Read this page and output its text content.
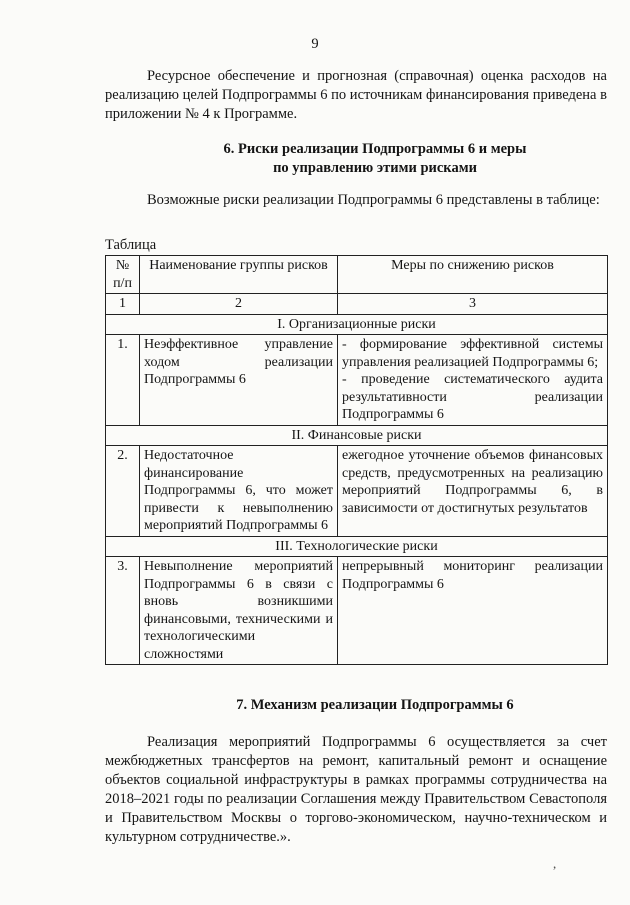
9

Ресурсное обеспечение и прогнозная (справочная) оценка расходов на реализацию целей Подпрограммы 6 по источникам финансирования приведена в приложении № 4 к Программе.

6. Риски реализации Подпрограммы 6 и меры
по управлению этими рисками

Возможные риски реализации Подпрограммы 6 представлены в таблице:

Таблица
№ п/п	Наименование группы рисков	Меры по снижению рисков
1	2	3
I. Организационные риски		
1.	Неэффективное управление ходом реализации Подпрограммы 6	- формирование эффективной системы управления реализацией Подпрограммы 6;
- проведение систематического аудита результативности реализации Подпрограммы 6

II. Финансовые риски		
2.	Недостаточное финансирование Подпрограммы 6, что может привести к невыполнению мероприятий Подпрограммы 6	ежегодное уточнение объемов финансовых средств, предусмотренных на реализацию мероприятий Подпрограммы 6, в зависимости от достигнутых результатов

III. Технологические риски		
3.	Невыполнение мероприятий Подпрограммы 6 в связи с вновь возникшими финансовыми, техническими и технологическими сложностями	непрерывный мониторинг реализации Подпрограммы 6

7. Механизм реализации Подпрограммы 6

Реализация мероприятий Подпрограммы 6 осуществляется за счет межбюджетных трансфертов на ремонт, капитальный ремонт и оснащение объектов социальной инфраструктуры в рамках программы сотрудничества на 2018–2021 годы по реализации Соглашения между Правительством Севастополя и Правительством Москвы о торгово-экономическом, научно-техническом и культурном сотрудничестве.».

,
